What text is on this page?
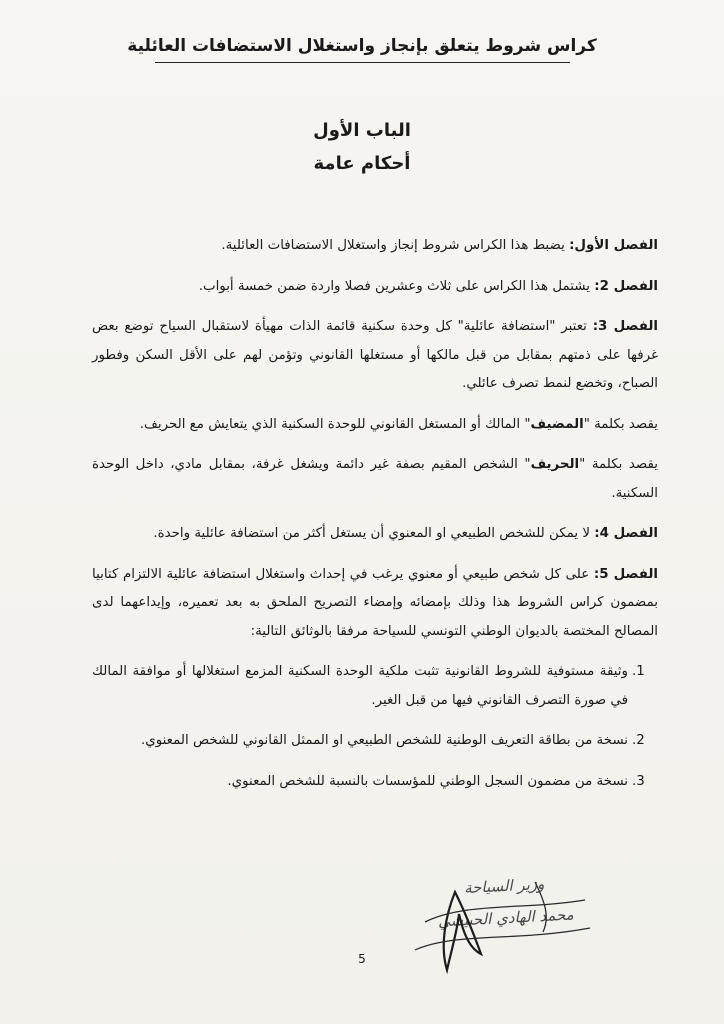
كراس شروط يتعلق بإنجاز واستغلال الاستضافات العائلية
الباب الأول
أحكام عامة

الفصل الأول: يضبط هذا الكراس شروط إنجاز واستغلال الاستضافات العائلية.

الفصل 2: يشتمل هذا الكراس على ثلاث وعشرين فصلا واردة ضمن خمسة أبواب.

الفصل 3: تعتبر "استضافة عائلية" كل وحدة سكنية قائمة الذات مهيأة لاستقبال السياح توضع بعض غرفها على ذمتهم بمقابل من قبل مالكها أو مستغلها القانوني وتؤمن لهم على الأقل السكن وفطور الصباح، وتخضع لنمط تصرف عائلي.

يقصد بكلمة "المضيف" المالك أو المستغل القانوني للوحدة السكنية الذي يتعايش مع الحريف.

يقصد بكلمة "الحريف" الشخص المقيم بصفة غير دائمة ويشغل غرفة، بمقابل مادي، داخل الوحدة السكنية.

الفصل 4: لا يمكن للشخص الطبيعي او المعنوي أن يستغل أكثر من استضافة عائلية واحدة.

الفصل 5: على كل شخص طبيعي أو معنوي يرغب في إحداث واستغلال استضافة عائلية الالتزام كتابيا بمضمون كراس الشروط هذا وذلك بإمضائه وإمضاء التصريح الملحق به بعد تعميره، وإيداعهما لدى المصالح المختصة بالديوان الوطني التونسي للسياحة مرفقا بالوثائق التالية:

1.
وثيقة مستوفية للشروط القانونية تثبت ملكية الوحدة السكنية المزمع استغلالها أو موافقة المالك في صورة التصرف القانوني فيها من قبل الغير.
2.
نسخة من بطاقة التعريف الوطنية للشخص الطبيعي او الممثل القانوني للشخص المعنوي.
3.
نسخة من مضمون السجل الوطني للمؤسسات بالنسبة للشخص المعنوي.
وزير السياحة
محمد الهادي الحبيشي
5
